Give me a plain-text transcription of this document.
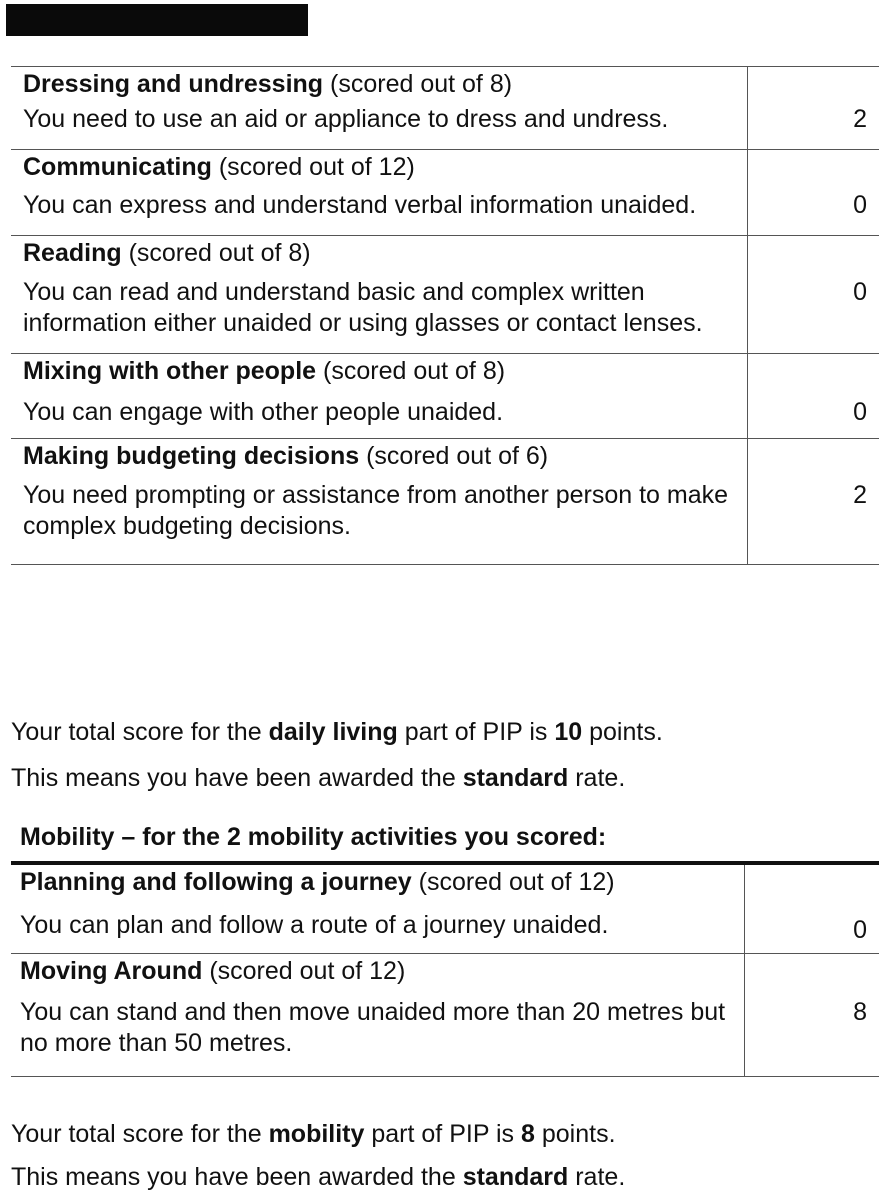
Dressing and undressing (scored out of 8)
You need to use an aid or appliance to dress and undress.	2

Communicating (scored out of 12)
You can express and understand verbal information unaided.	0

Reading (scored out of 8)
You can read and understand basic and complex written information either unaided or using glasses or contact lenses.	0

Mixing with other people (scored out of 8)
You can engage with other people unaided.	0

Making budgeting decisions (scored out of 6)
You need prompting or assistance from another person to make complex budgeting decisions.	2
Your total score for the daily living part of PIP is 10 points.
This means you have been awarded the standard rate.
Mobility – for the 2 mobility activities you scored:
Planning and following a journey (scored out of 12)
You can plan and follow a route of a journey unaided.	0

Moving Around (scored out of 12)
You can stand and then move unaided more than 20 metres but no more than 50 metres.	8
Your total score for the mobility part of PIP is 8 points.
This means you have been awarded the standard rate.
